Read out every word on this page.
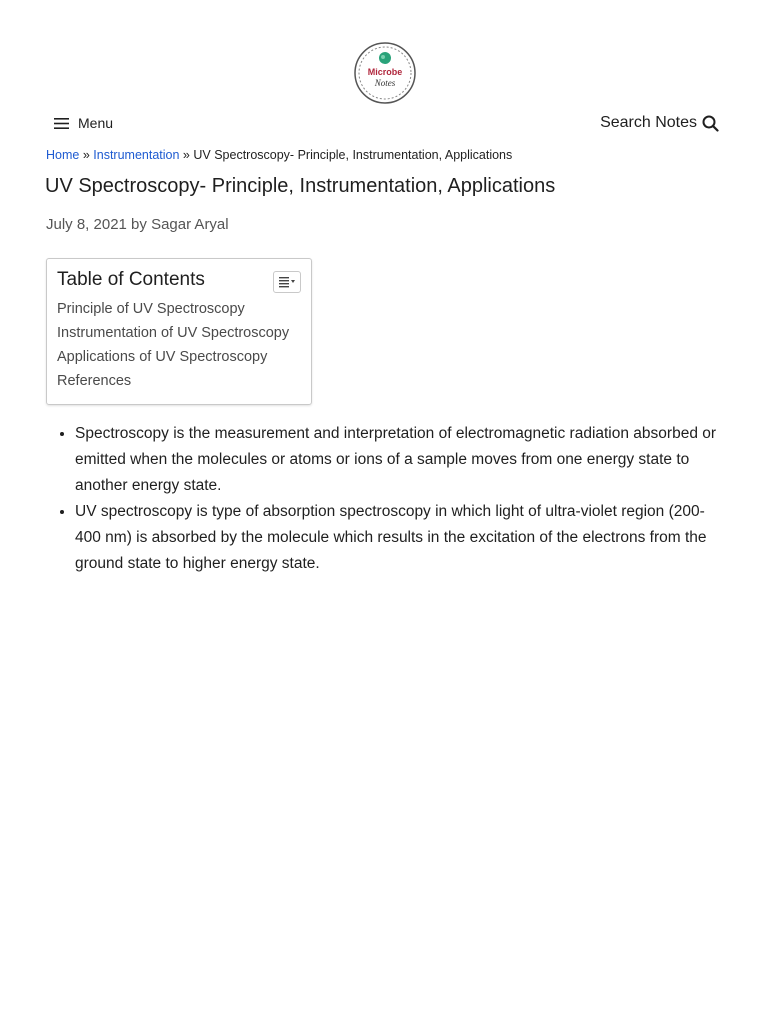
Microbe
Notes
Menu	Search Notes
Home » Instrumentation » UV Spectroscopy- Principle, Instrumentation, Applications
UV Spectroscopy- Principle, Instrumentation, Applications
July 8, 2021 by Sagar Aryal
Table of Contents
Principle of UV Spectroscopy
Instrumentation of UV Spectroscopy
Applications of UV Spectroscopy
References
• Spectroscopy is the measurement and interpretation of electromagnetic radiation absorbed or emitted when the molecules or atoms or ions of a sample moves from one energy state to another energy state.
• UV spectroscopy is type of absorption spectroscopy in which light of ultra-violet region (200-400 nm) is absorbed by the molecule which results in the excitation of the electrons from the ground state to higher energy state.
